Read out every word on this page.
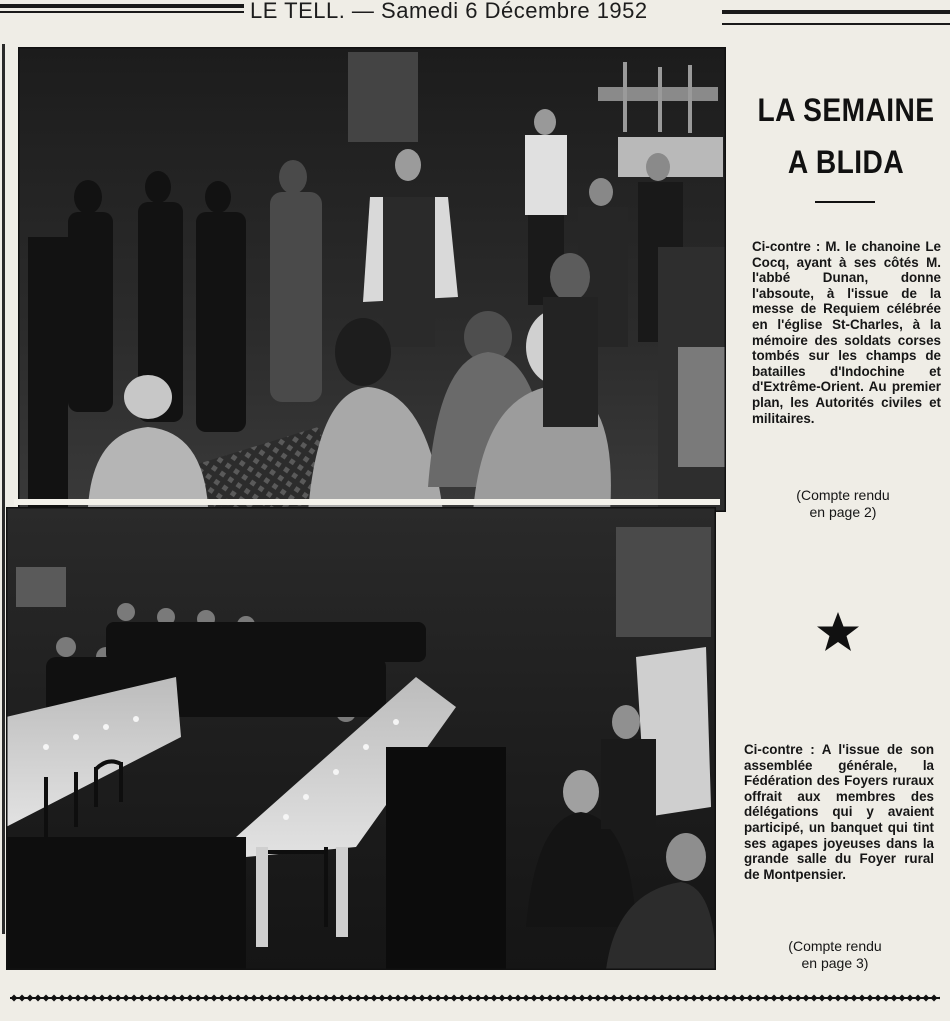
LE TELL. — Samedi 6 Décembre 1952
LA SEMAINE
A BLIDA
Ci-contre : M. le chanoine Le Cocq, ayant à ses côtés M. l'abbé Dunan, donne l'absoute, à l'issue de la messe de Requiem célébrée en l'église St-Charles, à la mémoire des soldats corses tombés sur les champs de batailles d'Indochine et d'Extrême-Orient. Au premier plan, les Autorités civiles et militaires.
(Compte rendu
en page 2)
Ci-contre : A l'issue de son assemblée générale, la Fédération des Foyers ruraux offrait aux membres des délégations qui y avaient participé, un banquet qui tint ses agapes joyeuses dans la grande salle du Foyer rural de Montpensier.
(Compte rendu
en page 3)
